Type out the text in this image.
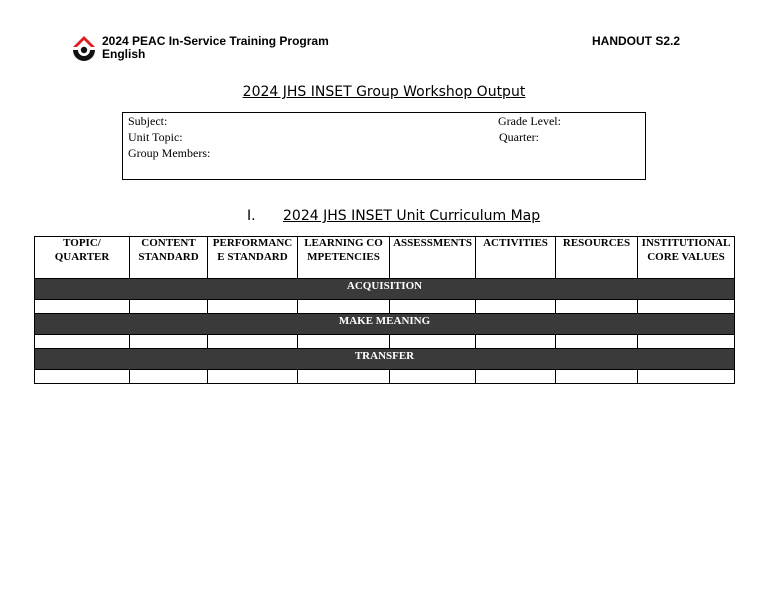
2024 PEAC In-Service Training Program
English
HANDOUT S2.2
2024 JHS INSET Group Workshop Output
Subject:
Unit Topic:
Group Members:
Grade Level:
Quarter:
I. 2024 JHS INSET Unit Curriculum Map
TOPIC/ QUARTER	CONTENT STANDARD	PERFORMANCE STANDARD	LEARNING COMPETENCIES	ASSESSMENTS	ACTIVITIES	RESOURCES	INSTITUTIONAL CORE VALUES
ACQUISITION							

MAKE MEANING							

TRANSFER							
